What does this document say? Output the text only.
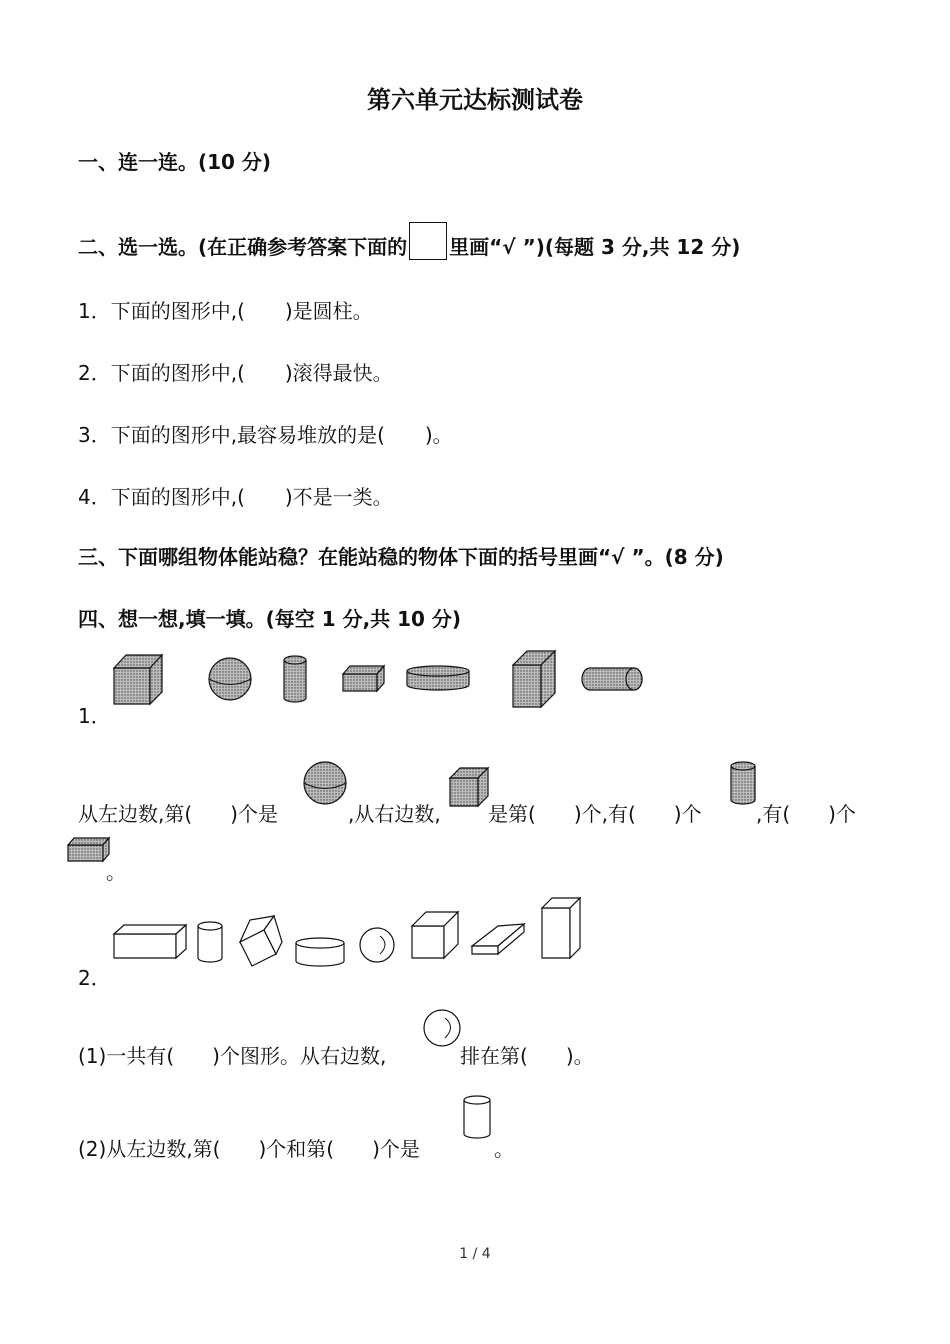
第六单元达标测试卷
一、连一连。(10 分)
二、选一选。(在正确参考答案下面的 里画“√ ”)(每题 3 分,共 12 分)
1．下面的图形中,(　　)是圆柱。
2．下面的图形中,(　　)滚得最快。
3．下面的图形中,最容易堆放的是(　　)。
4．下面的图形中,(　　)不是一类。
三、下面哪组物体能站稳？在能站稳的物体下面的括号里画“√ ”。(8 分)
四、想一想,填一填。(每空 1 分,共 10 分)
1．
从左边数,第( )个是	,从右边数, 是第( )个,有( )个	,有( )个
。
2．
(1)一共有( )个图形。从右边数,	排在第( )。
(2)从左边数,第( )个和第( )个是	。
1 / 4
